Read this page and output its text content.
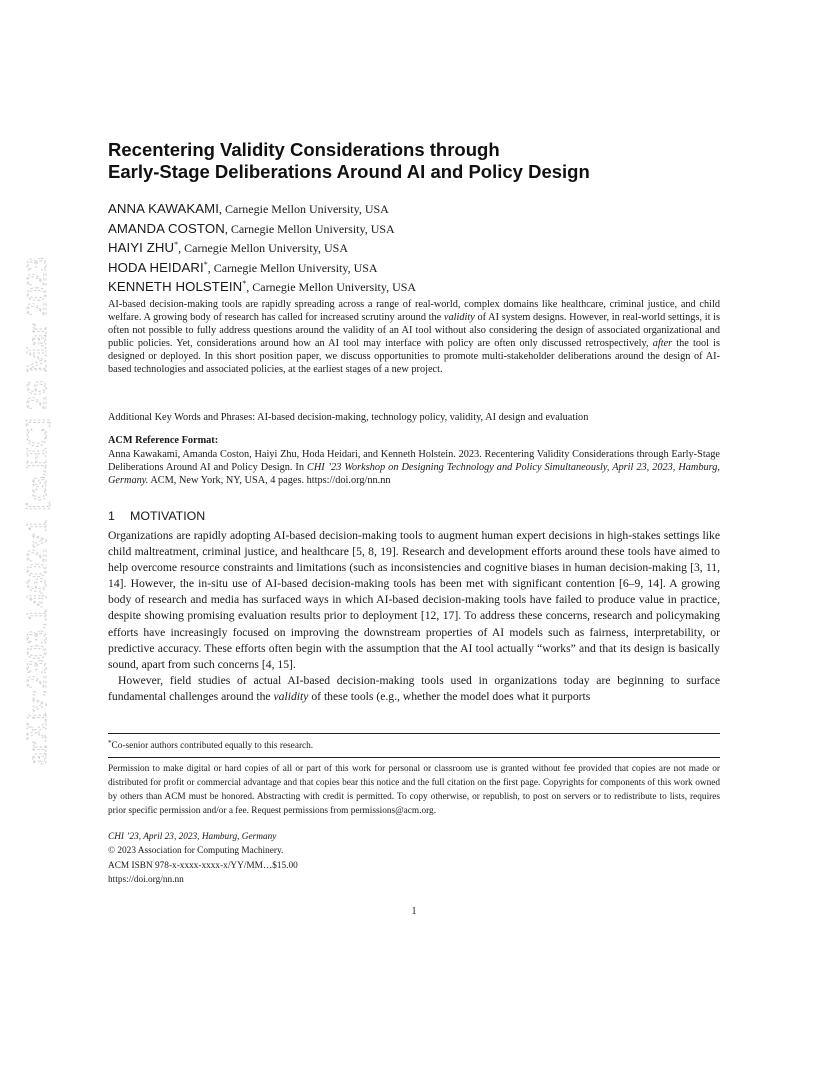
arXiv:2303.14602v1 [cs.HC] 26 Mar 2023
Recentering Validity Considerations through
Early-Stage Deliberations Around AI and Policy Design
ANNA KAWAKAMI, Carnegie Mellon University, USA
AMANDA COSTON, Carnegie Mellon University, USA
HAIYI ZHU*, Carnegie Mellon University, USA
HODA HEIDARI*, Carnegie Mellon University, USA
KENNETH HOLSTEIN*, Carnegie Mellon University, USA

AI-based decision-making tools are rapidly spreading across a range of real-world, complex domains like healthcare, criminal justice, and child welfare. A growing body of research has called for increased scrutiny around the validity of AI system designs. However, in real-world settings, it is often not possible to fully address questions around the validity of an AI tool without also considering the design of associated organizational and public policies. Yet, considerations around how an AI tool may interface with policy are often only discussed retrospectively, after the tool is designed or deployed. In this short position paper, we discuss opportunities to promote multi-stakeholder deliberations around the design of AI-based technologies and associated policies, at the earliest stages of a new project.

Additional Key Words and Phrases: AI-based decision-making, technology policy, validity, AI design and evaluation

ACM Reference Format:

Anna Kawakami, Amanda Coston, Haiyi Zhu, Hoda Heidari, and Kenneth Holstein. 2023. Recentering Validity Considerations through Early-Stage Deliberations Around AI and Policy Design. In CHI ’23 Workshop on Designing Technology and Policy Simultaneously, April 23, 2023, Hamburg, Germany. ACM, New York, NY, USA, 4 pages. https://doi.org/nn.nn

1 MOTIVATION

Organizations are rapidly adopting AI-based decision-making tools to augment human expert decisions in high-stakes settings like child maltreatment, criminal justice, and healthcare [5, 8, 19]. Research and development efforts around these tools have aimed to help overcome resource constraints and limitations (such as inconsistencies and cognitive biases in human decision-making [3, 11, 14]. However, the in-situ use of AI-based decision-making tools has been met with significant contention [6–9, 14]. A growing body of research and media has surfaced ways in which AI-based decision-making tools have failed to produce value in practice, despite showing promising evaluation results prior to deployment [12, 17]. To address these concerns, research and policymaking efforts have increasingly focused on improving the downstream properties of AI models such as fairness, interpretability, or predictive accuracy. These efforts often begin with the assumption that the AI tool actually “works” and that its design is basically sound, apart from such concerns [4, 15].

However, field studies of actual AI-based decision-making tools used in organizations today are beginning to surface fundamental challenges around the validity of these tools (e.g., whether the model does what it purports

*Co-senior authors contributed equally to this research.

Permission to make digital or hard copies of all or part of this work for personal or classroom use is granted without fee provided that copies are not made or distributed for profit or commercial advantage and that copies bear this notice and the full citation on the first page. Copyrights for components of this work owned by others than ACM must be honored. Abstracting with credit is permitted. To copy otherwise, or republish, to post on servers or to redistribute to lists, requires prior specific permission and/or a fee. Request permissions from permissions@acm.org.

CHI ’23, April 23, 2023, Hamburg, Germany
© 2023 Association for Computing Machinery.
ACM ISBN 978-x-xxxx-xxxx-x/YY/MM…$15.00
https://doi.org/nn.nn

1
